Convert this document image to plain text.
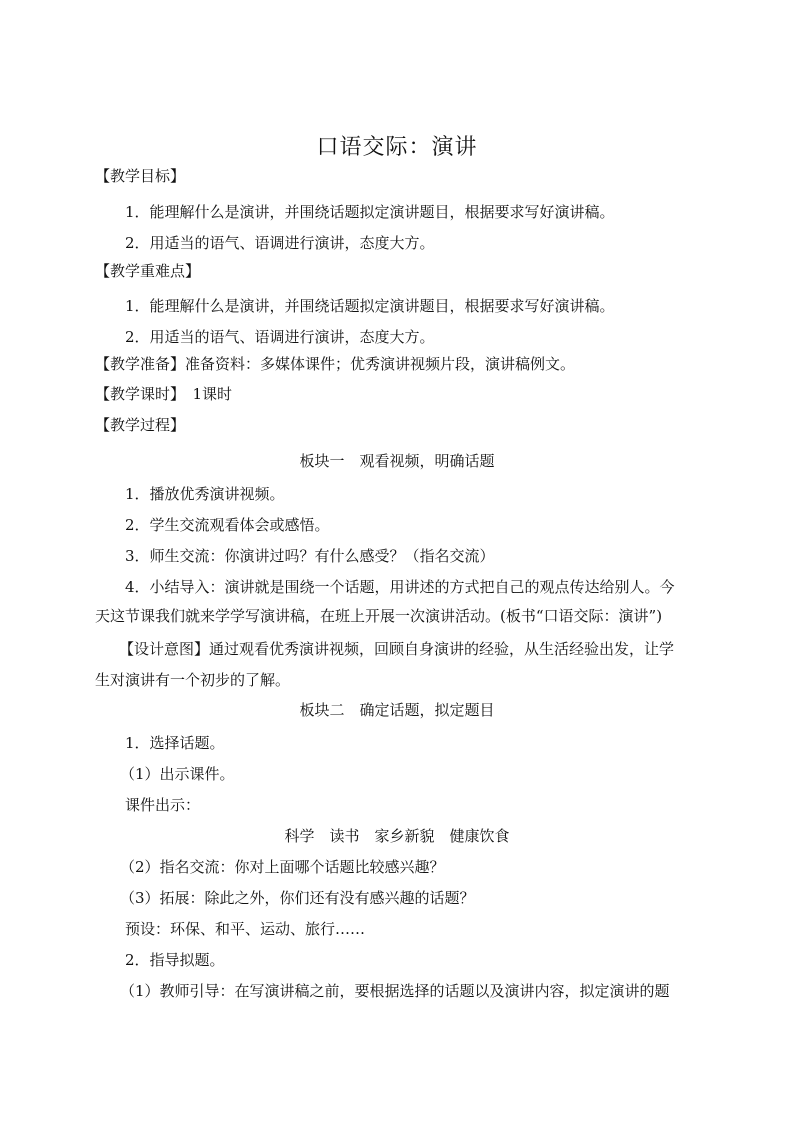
口语交际：演讲
【教学目标】
1．能理解什么是演讲，并围绕话题拟定演讲题目，根据要求写好演讲稿。
2．用适当的语气、语调进行演讲，态度大方。
【教学重难点】
1．能理解什么是演讲，并围绕话题拟定演讲题目，根据要求写好演讲稿。
2．用适当的语气、语调进行演讲，态度大方。
【教学准备】准备资料：多媒体课件；优秀演讲视频片段，演讲稿例文。
【教学课时】　1课时
【教学过程】
板块一　观看视频，明确话题
1．播放优秀演讲视频。
2．学生交流观看体会或感悟。
3．师生交流：你演讲过吗？有什么感受？（指名交流）
4．小结导入：演讲就是围绕一个话题，用讲述的方式把自己的观点传达给别人。今
天这节课我们就来学学写演讲稿，在班上开展一次演讲活动。(板书“口语交际：演讲”)
【设计意图】通过观看优秀演讲视频，回顾自身演讲的经验，从生活经验出发，让学
生对演讲有一个初步的了解。
板块二　确定话题，拟定题目
1．选择话题。
（1）出示课件。
课件出示：
科学　读书　家乡新貌　健康饮食
（2）指名交流：你对上面哪个话题比较感兴趣？
（3）拓展：除此之外，你们还有没有感兴趣的话题？
预设：环保、和平、运动、旅行……
2．指导拟题。
（1）教师引导：在写演讲稿之前，要根据选择的话题以及演讲内容，拟定演讲的题
